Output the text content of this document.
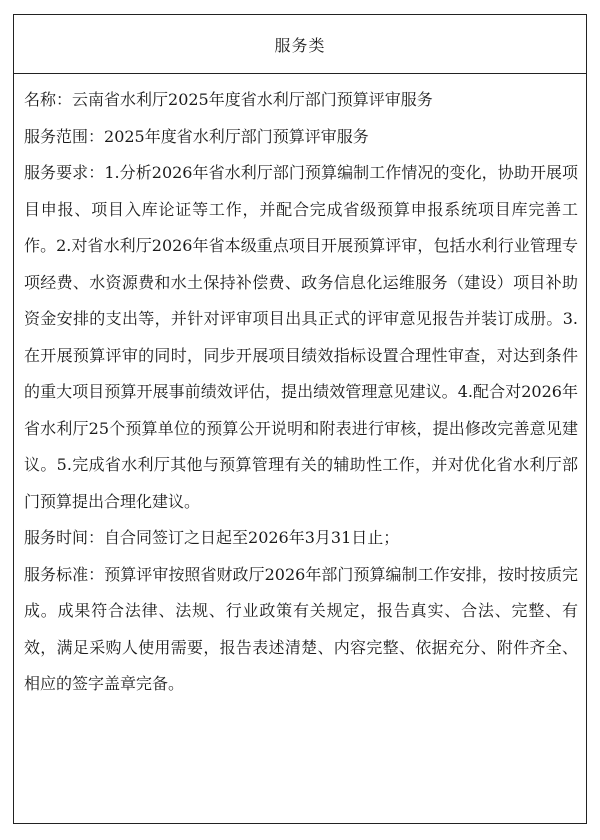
服务类

名称：云南省水利厅2025年度省水利厅部门预算评审服务

服务范围：2025年度省水利厅部门预算评审服务

服务要求：1.分析2026年省水利厅部门预算编制工作情况的变化，协助开展项目申报、项目入库论证等工作，并配合完成省级预算申报系统项目库完善工作。2.对省水利厅2026年省本级重点项目开展预算评审，包括水利行业管理专项经费、水资源费和水土保持补偿费、政务信息化运维服务（建设）项目补助资金安排的支出等，并针对评审项目出具正式的评审意见报告并装订成册。3.在开展预算评审的同时，同步开展项目绩效指标设置合理性审查，对达到条件的重大项目预算开展事前绩效评估，提出绩效管理意见建议。4.配合对2026年省水利厅25个预算单位的预算公开说明和附表进行审核，提出修改完善意见建议。5.完成省水利厅其他与预算管理有关的辅助性工作，并对优化省水利厅部门预算提出合理化建议。

服务时间：自合同签订之日起至2026年3月31日止；

服务标准：预算评审按照省财政厅2026年部门预算编制工作安排，按时按质完成。成果符合法律、法规、行业政策有关规定，报告真实、合法、完整、有效，满足采购人使用需要，报告表述清楚、内容完整、依据充分、附件齐全、相应的签字盖章完备。
